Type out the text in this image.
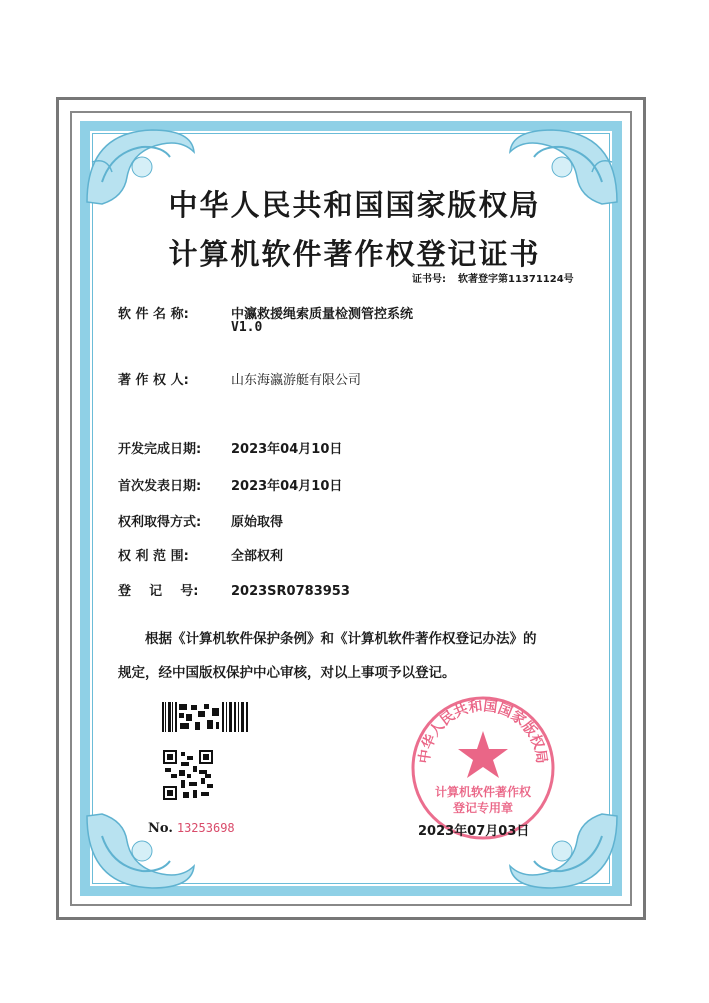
中华人民共和国国家版权局
计算机软件著作权登记证书
证书号: 软著登字第11371124号
软 件 名 称:	中瀛救援绳索质量检测管控系统
V1.0
著 作 权 人:	山东海瀛游艇有限公司
开发完成日期: 2023年04月10日
首次发表日期: 2023年04月10日
权利取得方式: 原始取得
权 利 范 围:	全部权利
登    记    号:	2023SR0783953
根据《计算机软件保护条例》和《计算机软件著作权登记办法》的
规定，经中国版权保护中心审核，对以上事项予以登记。
No. 13253698
中华人民共和国国家版权局
计算机软件著作权
登记专用章
2023年07月03日
